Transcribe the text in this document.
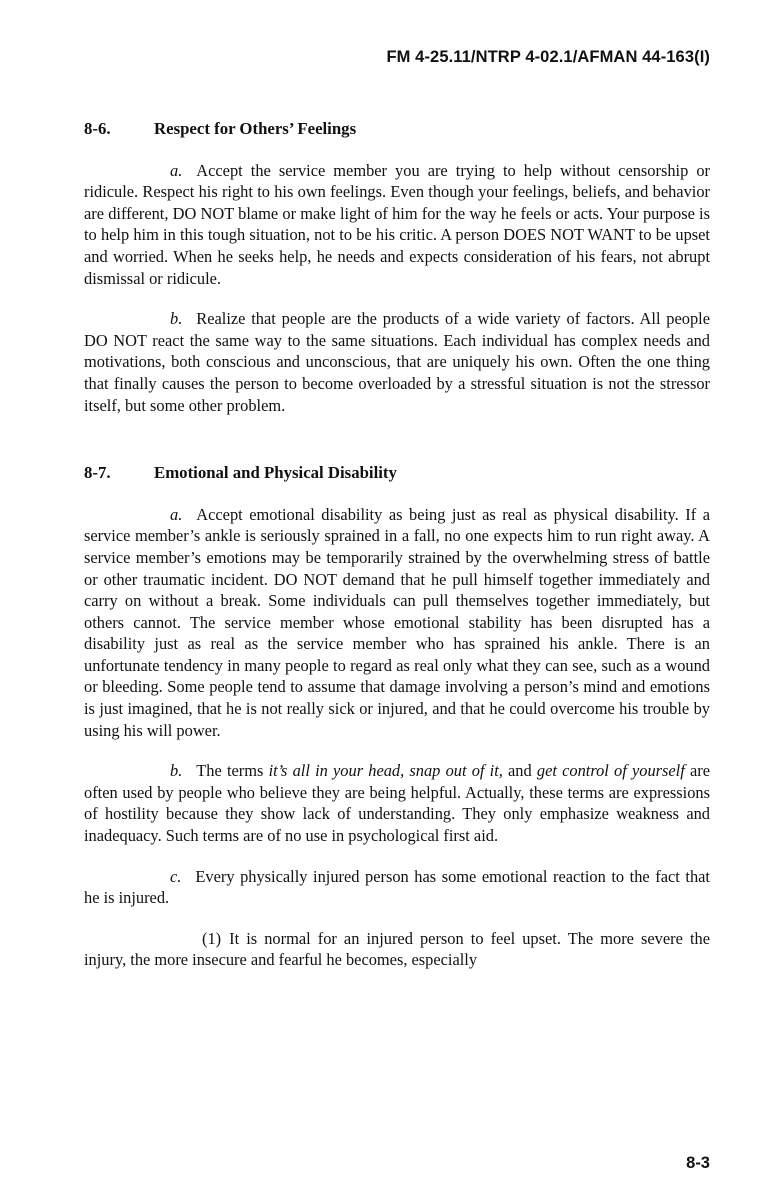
FM 4-25.11/NTRP 4-02.1/AFMAN 44-163(I)
8-6.	Respect for Others’ Feelings

a. Accept the service member you are trying to help without censorship or ridicule. Respect his right to his own feelings. Even though your feelings, beliefs, and behavior are different, DO NOT blame or make light of him for the way he feels or acts. Your purpose is to help him in this tough situation, not to be his critic. A person DOES NOT WANT to be upset and worried. When he seeks help, he needs and expects consideration of his fears, not abrupt dismissal or ridicule.

b. Realize that people are the products of a wide variety of factors. All people DO NOT react the same way to the same situations. Each individual has complex needs and motivations, both conscious and unconscious, that are uniquely his own. Often the one thing that finally causes the person to become overloaded by a stressful situation is not the stressor itself, but some other problem.

8-7.	Emotional and Physical Disability

a. Accept emotional disability as being just as real as physical disability. If a service member’s ankle is seriously sprained in a fall, no one expects him to run right away. A service member’s emotions may be temporarily strained by the overwhelming stress of battle or other traumatic incident. DO NOT demand that he pull himself together immediately and carry on without a break. Some individuals can pull themselves together immediately, but others cannot. The service member whose emotional stability has been disrupted has a disability just as real as the service member who has sprained his ankle. There is an unfortunate tendency in many people to regard as real only what they can see, such as a wound or bleeding. Some people tend to assume that damage involving a person’s mind and emotions is just imagined, that he is not really sick or injured, and that he could overcome his trouble by using his will power.

b. The terms it’s all in your head, snap out of it, and get control of yourself are often used by people who believe they are being helpful. Actually, these terms are expressions of hostility because they show lack of understanding. They only emphasize weakness and inadequacy. Such terms are of no use in psychological first aid.

c. Every physically injured person has some emotional reaction to the fact that he is injured.

(1) It is normal for an injured person to feel upset. The more severe the injury, the more insecure and fearful he becomes, especially

8-3
